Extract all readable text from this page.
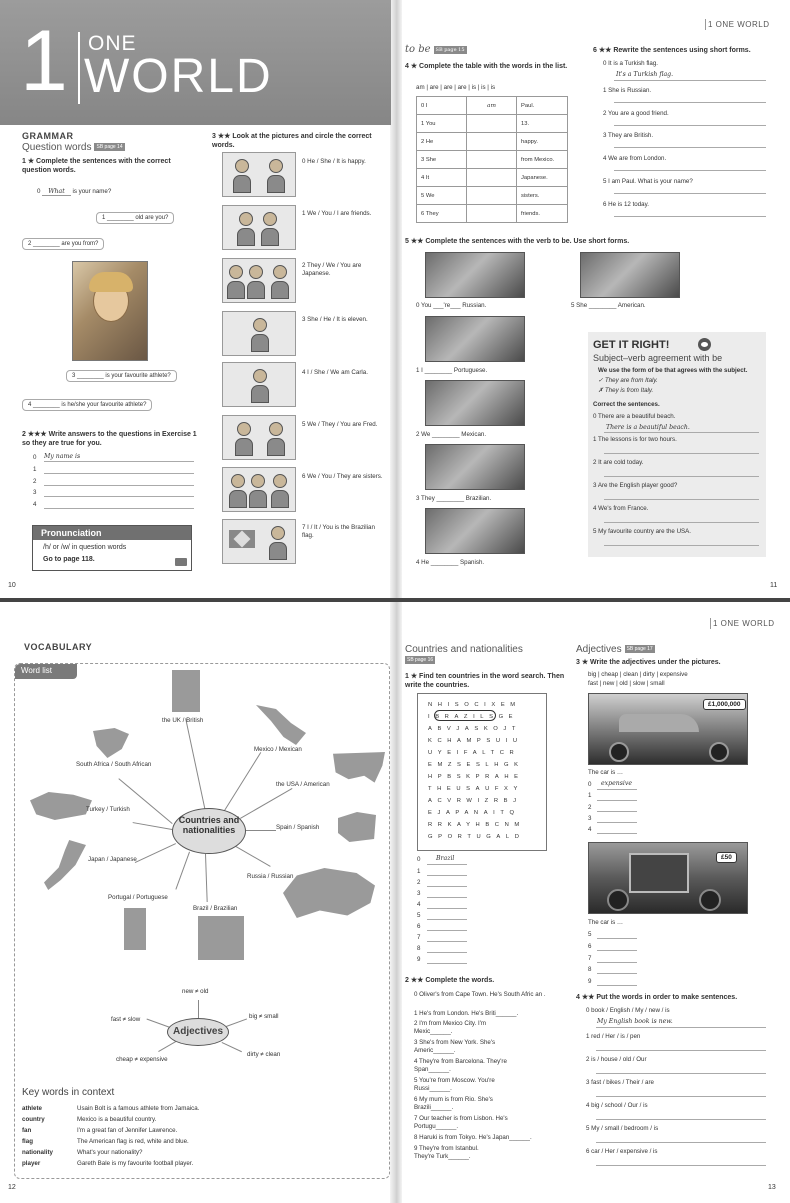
1 ONE
WORLD
1 ONE WORLD
GRAMMAR
Question words SB page 14
1 ★ Complete the sentences with the correct question words.
0 What is your name?
1 ________ old are you?
2 ________ are you from?
3 ________ is your favourite athlete?
4 ________ is he/she your favourite athlete?
2 ★★★ Write answers to the questions in Exercise 1 so they are true for you.
0 My name is
1
2
3
4
Pronunciation
/h/ or /w/ in question words
Go to page 118.
10
3 ★★ Look at the pictures and circle the correct words.
0 He / She / It is happy.
1 We / You / I are friends.
2 They / We / You are Japanese.
3 She / He / It is eleven.
4 I / She / We am Carla.
5 We / They / You are Fred.
6 We / You / They are sisters.
7 I / It / You is the Brazilian flag.
to be SB page 15
4 ★ Complete the table with the words in the list.
am | are | are | are | is | is | is
0 I	am	Paul.
1 You		13.
2 He		happy.
3 She		from Mexico.
4 It		Japanese.
5 We		sisters.
6 They		friends.
5 ★★ Complete the sentences with the verb to be. Use short forms.
0 You ___'re___ Russian.	5 She ________ American.
1 I ________ Portuguese.
2 We ________ Mexican.
3 They ________ Brazilian.
4 He ________ Spanish.
6 ★★ Rewrite the sentences using short forms.
0 It is a Turkish flag.
It's a Turkish flag.
1 She is Russian.
2 You are a good friend.
3 They are British.
4 We are from London.
5 I am Paul. What is your name?
6 He is 12 today.
GET IT RIGHT!
Subject–verb agreement with be
We use the form of be that agrees with the subject.
✓ They are from Italy.
✗ They is from Italy.
Correct the sentences.
0 There are a beautiful beach.
There is a beautiful beach.
1 The lessons is for two hours.
2 It are cold today.
3 Are the English player good?
4 We's from France.
5 My favourite country are the USA.
11
1 ONE WORLD
VOCABULARY
Word list
Countries and nationalities
the UK / British
Mexico / Mexican
South Africa / South African
the USA / American
Turkey / Turkish
Spain / Spanish
Japan / Japanese
Russia / Russian
Portugal / Portuguese
Brazil / Brazilian
Adjectives
new ≠ old
fast ≠ slow	big ≠ small
cheap ≠ expensive
dirty ≠ clean
Key words in context
athlete	Usain Bolt is a famous athlete from Jamaica.
country	Mexico is a beautiful country.
fan	I'm a great fan of Jennifer Lawrence.
flag	The American flag is red, white and blue.
nationality	What's your nationality?
player	Gareth Bale is my favourite football player.
12
Countries and nationalities
SB page 16
1 ★ Find ten countries in the word search. Then write the countries.
NHISOCIXEM
IBRAZILSGE
ABVJASKOJT
KCHAMPSUIU
UYEIFALTCR
EMZSESLHGK
HPBSKPRAHE
THEUSAUFXY
ACVRWIZRBJ
EJAPANAITQ
RRKAYHBCNM
GPORTUGALD
0	Brazil
1
2
3
4
5
6
7
8
9
2 ★★ Complete the words.
0 Oliver's from Cape Town. He's South Afric an .
1 He's from London. He's Briti______.
2 I'm from Mexico City. I'm Mexic______.
3 She's from New York. She's Americ______.
4 They're from Barcelona. They're Span______.
5 You're from Moscow. You're Russi______.
6 My mum is from Rio. She's Brazili______.
7 Our teacher is from Lisbon. He's Portugu______.
8 Haruki is from Tokyo. He's Japan______.
9 They're from Istanbul. They're Turk______.
Adjectives SB page 17
3 ★ Write the adjectives under the pictures.
big | cheap | clean | dirty | expensive
fast | new | old | slow | small
£1,000,000
The car is …
0 expensive
1
2
3
4
£50
The car is …
5
6
7
8
9
4 ★★ Put the words in order to make sentences.
0 book / English / My / new / is
My English book is new.
1 red / Her / is / pen
2 is / house / old / Our
3 fast / bikes / Their / are
4 big / school / Our / is
5 My / small / bedroom / is
6 car / Her / expensive / is
13
